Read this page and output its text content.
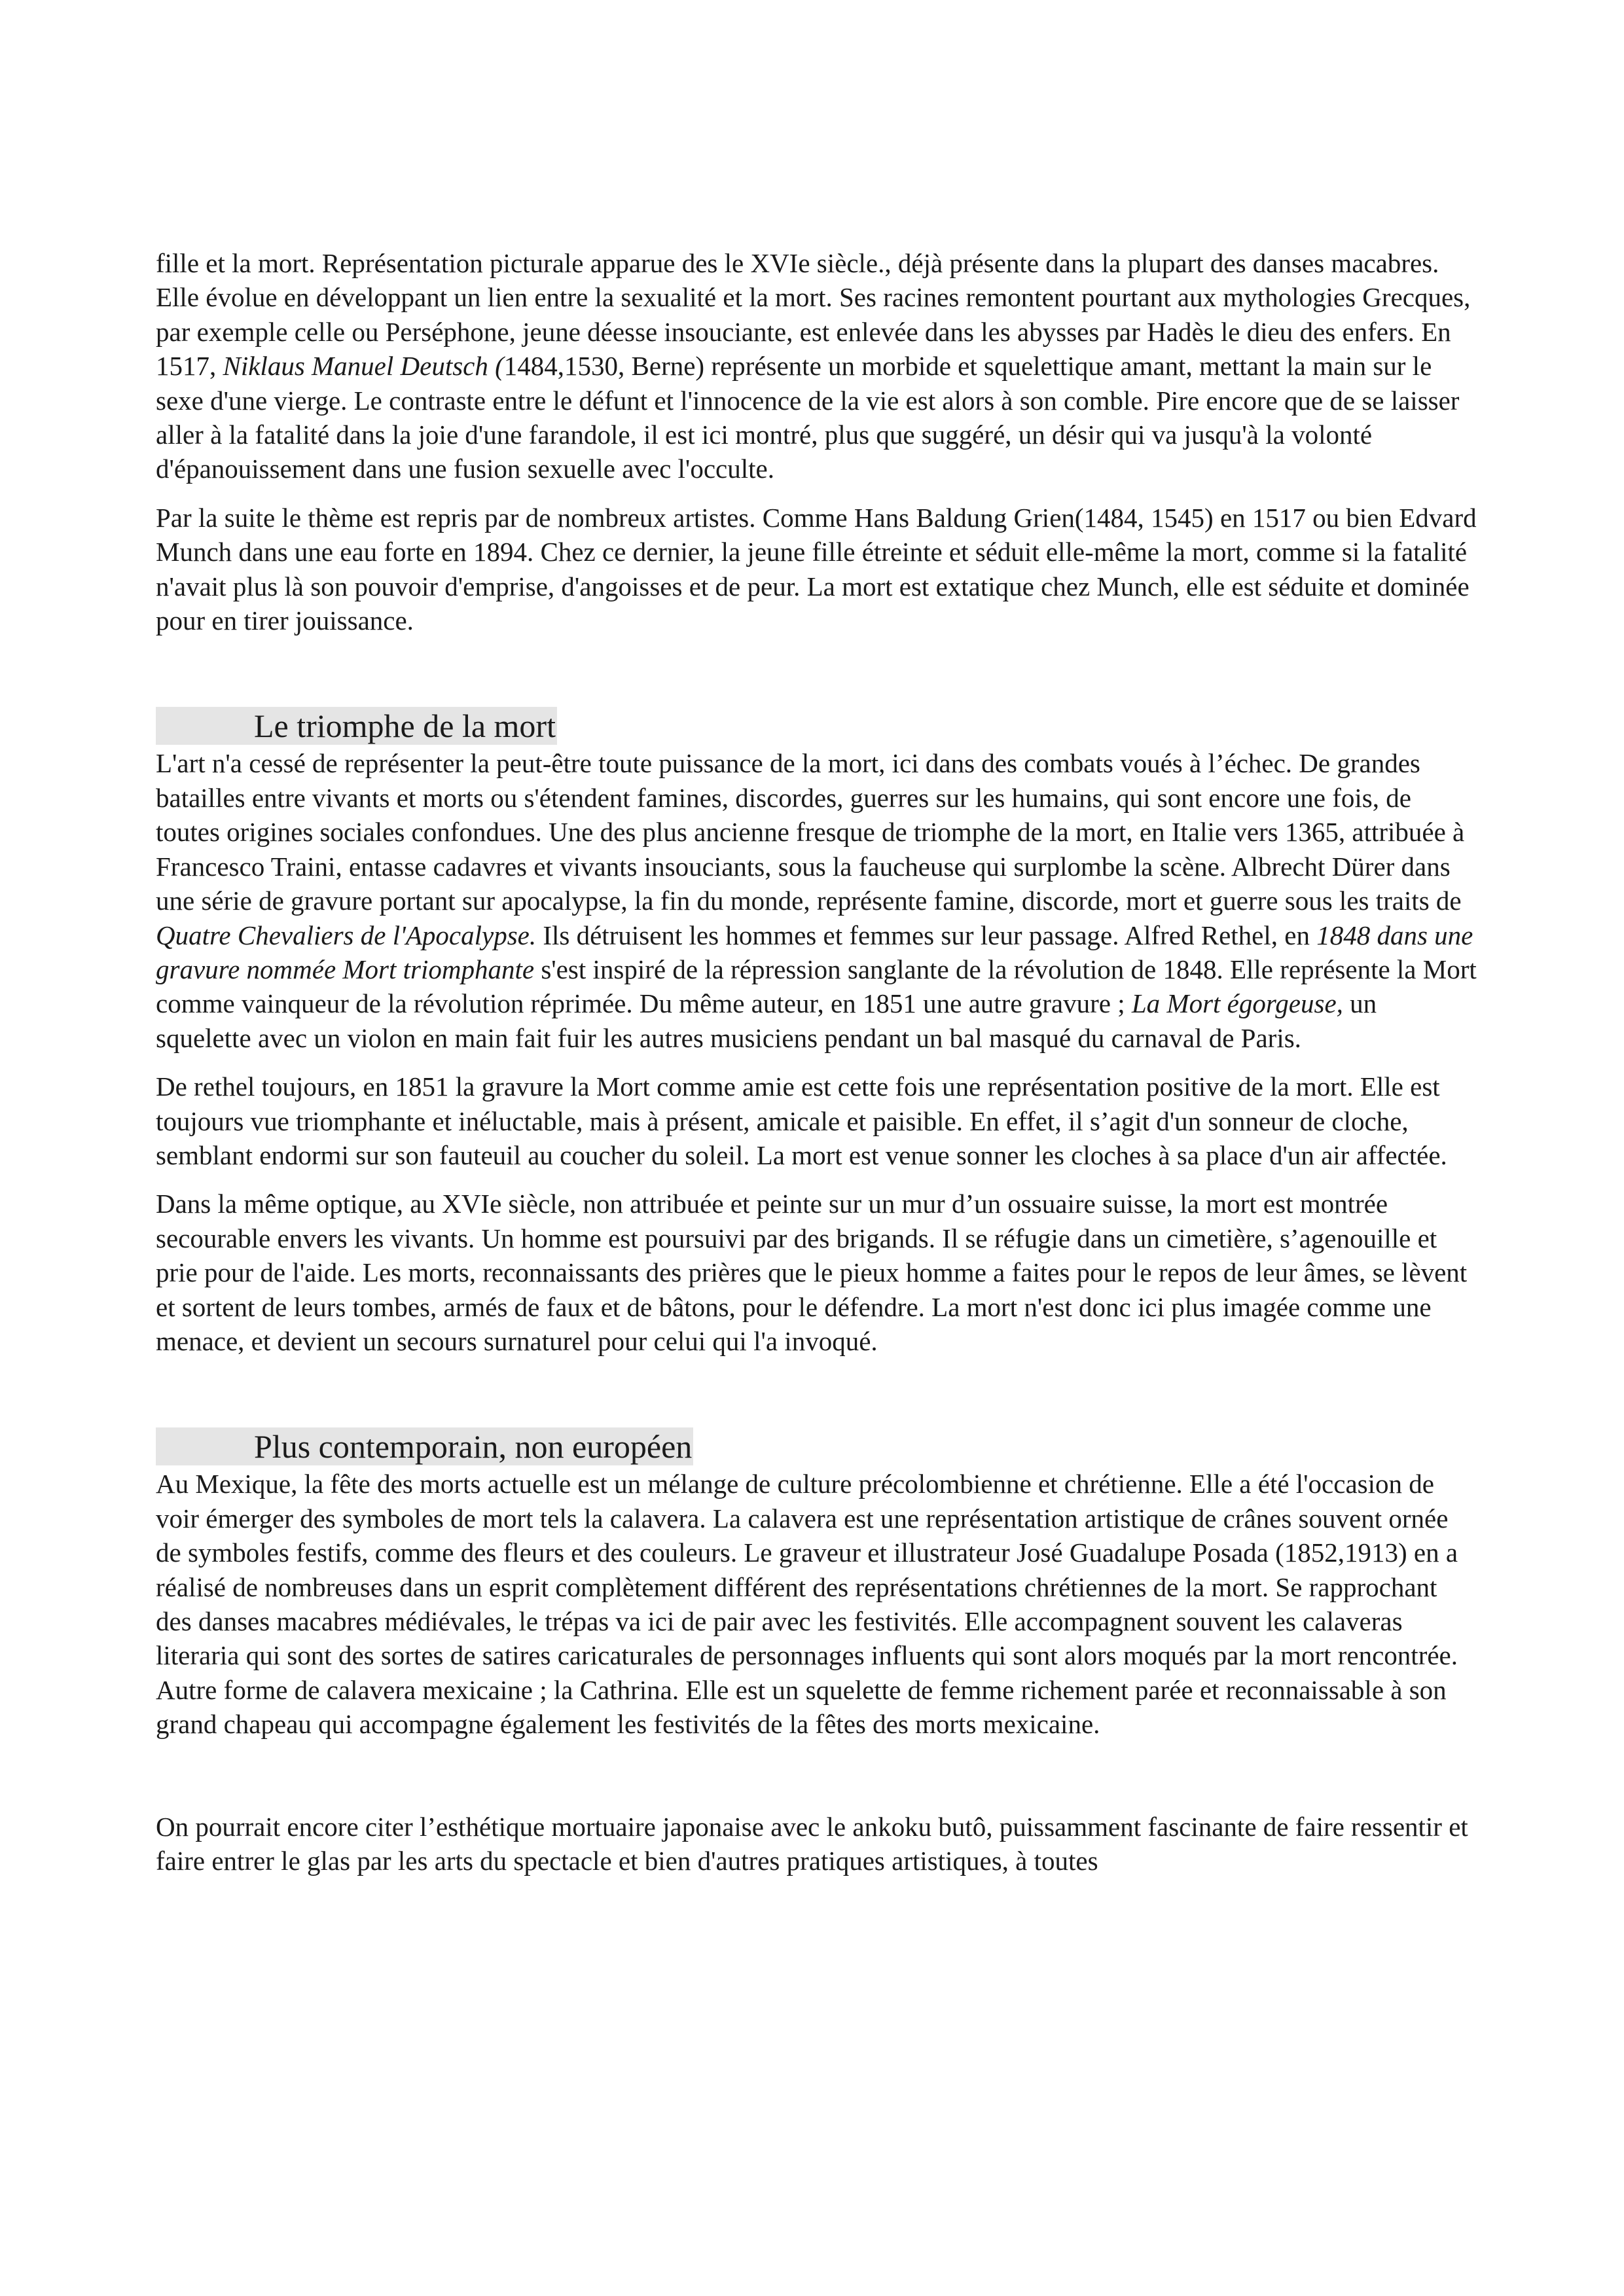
fille et la mort. Représentation picturale apparue des le XVIe siècle., déjà présente dans la plupart des danses macabres. Elle évolue en développant un lien entre la sexualité et la mort. Ses racines remontent pourtant aux mythologies Grecques, par exemple celle ou Perséphone, jeune déesse insouciante, est enlevée dans les abysses par Hadès le dieu des enfers. En 1517, Niklaus Manuel Deutsch (1484,1530, Berne) représente un morbide et squelettique amant, mettant la main sur le sexe d'une vierge. Le contraste entre le défunt et l'innocence de la vie est alors à son comble. Pire encore que de se laisser aller à la fatalité dans la joie d'une farandole, il est ici montré, plus que suggéré, un désir qui va jusqu'à la volonté d'épanouissement dans une fusion sexuelle avec l'occulte.

Par la suite le thème est repris par de nombreux artistes. Comme Hans Baldung Grien(1484, 1545) en 1517 ou bien Edvard Munch dans une eau forte en 1894. Chez ce dernier, la jeune fille étreinte et séduit elle-même la mort, comme si la fatalité n'avait plus là son pouvoir d'emprise, d'angoisses et de peur. La mort est extatique chez Munch, elle est séduite et dominée pour en tirer jouissance.

Le triomphe de la mort

L'art n'a cessé de représenter la peut-être toute puissance de la mort, ici dans des combats voués à l’échec. De grandes batailles entre vivants et morts ou s'étendent famines, discordes, guerres sur les humains, qui sont encore une fois, de toutes origines sociales confondues. Une des plus ancienne fresque de triomphe de la mort, en Italie vers 1365, attribuée à Francesco Traini, entasse cadavres et vivants insouciants, sous la faucheuse qui surplombe la scène. Albrecht Dürer dans une série de gravure portant sur apocalypse, la fin du monde, représente famine, discorde, mort et guerre sous les traits de Quatre Chevaliers de l'Apocalypse. Ils détruisent les hommes et femmes sur leur passage. Alfred Rethel, en 1848 dans une gravure nommée Mort triomphante s'est inspiré de la répression sanglante de la révolution de 1848. Elle représente la Mort comme vainqueur de la révolution réprimée. Du même auteur, en 1851 une autre gravure ; La Mort égorgeuse, un squelette avec un violon en main fait fuir les autres musiciens pendant un bal masqué du carnaval de Paris.

De rethel toujours, en 1851 la gravure la Mort comme amie est cette fois une représentation positive de la mort. Elle est toujours vue triomphante et inéluctable, mais à présent, amicale et paisible. En effet, il s’agit d'un sonneur de cloche, semblant endormi sur son fauteuil au coucher du soleil. La mort est venue sonner les cloches à sa place d'un air affectée.

Dans la même optique, au XVIe siècle, non attribuée et peinte sur un mur d’un ossuaire suisse, la mort est montrée secourable envers les vivants. Un homme est poursuivi par des brigands. Il se réfugie dans un cimetière, s’agenouille et prie pour de l'aide. Les morts, reconnaissants des prières que le pieux homme a faites pour le repos de leur âmes, se lèvent et sortent de leurs tombes, armés de faux et de bâtons, pour le défendre. La mort n'est donc ici plus imagée comme une menace, et devient un secours surnaturel pour celui qui l'a invoqué.

Plus contemporain, non européen

Au Mexique, la fête des morts actuelle est un mélange de culture précolombienne et chrétienne. Elle a été l'occasion de voir émerger des symboles de mort tels la calavera. La calavera est une représentation artistique de crânes souvent ornée de symboles festifs, comme des fleurs et des couleurs. Le graveur et illustrateur José Guadalupe Posada (1852,1913) en a réalisé de nombreuses dans un esprit complètement différent des représentations chrétiennes de la mort. Se rapprochant des danses macabres médiévales, le trépas va ici de pair avec les festivités. Elle accompagnent souvent les calaveras literaria qui sont des sortes de satires caricaturales de personnages influents qui sont alors moqués par la mort rencontrée. Autre forme de calavera mexicaine ; la Cathrina. Elle est un squelette de femme richement parée et reconnaissable à son grand chapeau qui accompagne également les festivités de la fêtes des morts mexicaine.

On pourrait encore citer l’esthétique mortuaire japonaise avec le ankoku butô, puissamment fascinante de faire ressentir et faire entrer le glas par les arts du spectacle et bien d'autres pratiques artistiques, à toutes
